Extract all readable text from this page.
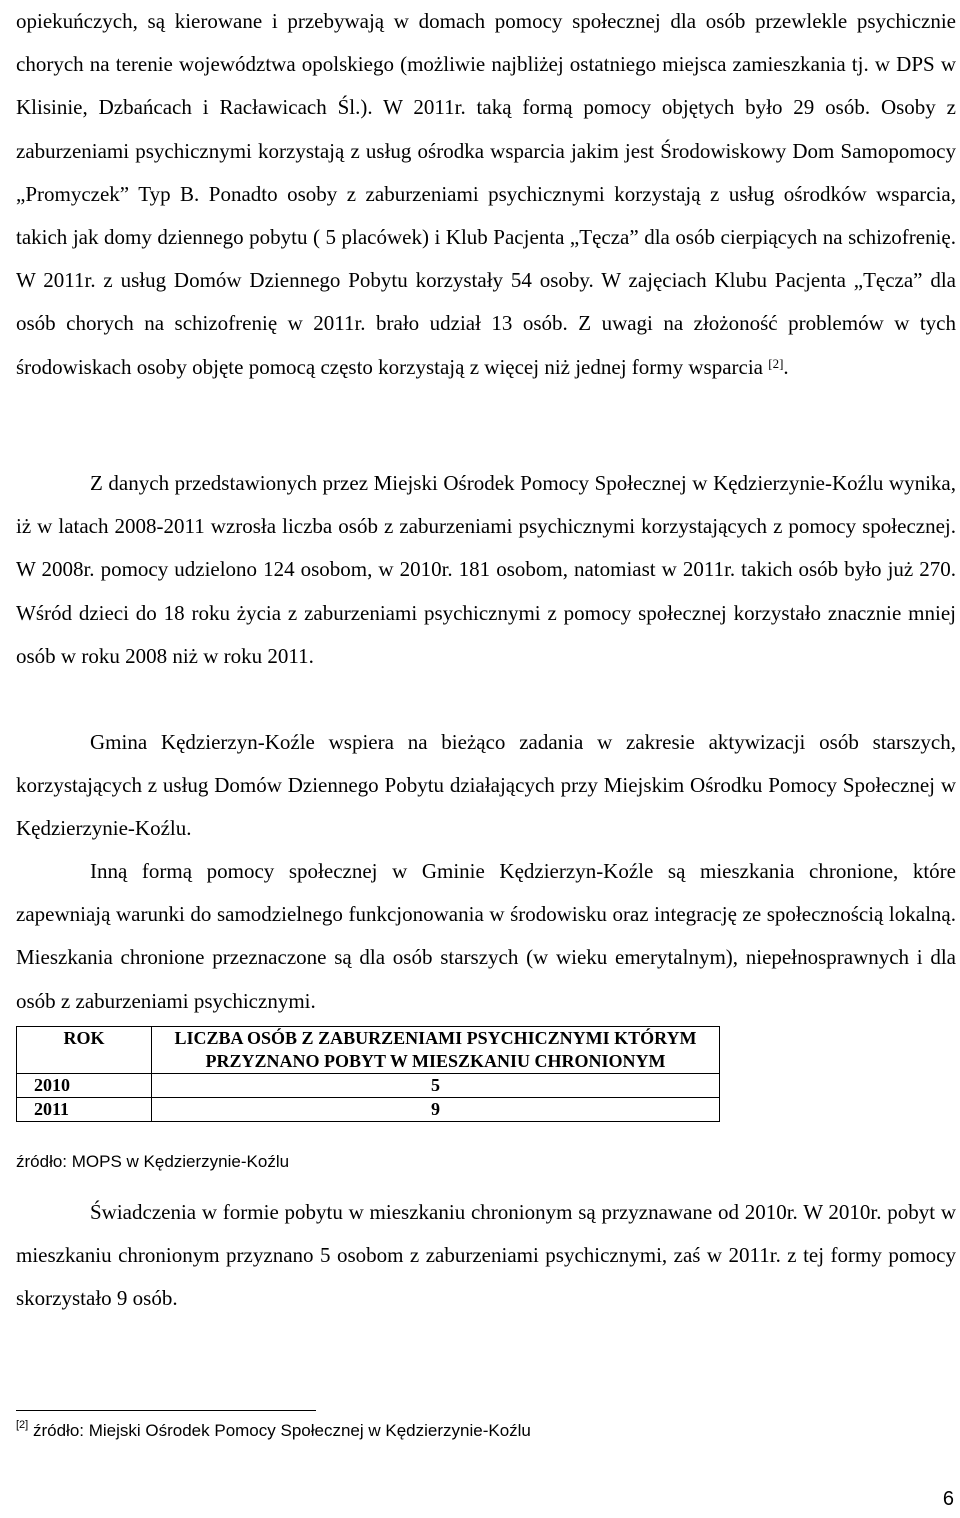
opiekuńczych, są kierowane i przebywają w domach pomocy społecznej dla osób przewlekle psychicznie chorych na terenie województwa opolskiego (możliwie najbliżej ostatniego miejsca zamieszkania tj. w DPS w Klisinie, Dzbańcach i Racławicach Śl.). W 2011r. taką formą pomocy objętych było 29 osób. Osoby z zaburzeniami psychicznymi korzystają z usług ośrodka wsparcia jakim jest Środowiskowy Dom Samopomocy „Promyczek” Typ B. Ponadto osoby z zaburzeniami psychicznymi korzystają z usług ośrodków wsparcia, takich jak domy dziennego pobytu ( 5 placówek) i Klub Pacjenta „Tęcza” dla osób cierpiących na schizofrenię. W 2011r. z usług Domów Dziennego Pobytu korzystały 54 osoby. W zajęciach Klubu Pacjenta „Tęcza” dla osób chorych na schizofrenię w 2011r. brało udział 13 osób. Z uwagi na złożoność problemów w tych środowiskach osoby objęte pomocą często korzystają z więcej niż jednej formy wsparcia [2].

Z danych przedstawionych przez Miejski Ośrodek Pomocy Społecznej w Kędzierzynie-Koźlu wynika, iż w latach 2008-2011 wzrosła liczba osób z zaburzeniami psychicznymi korzystających z pomocy społecznej. W 2008r. pomocy udzielono 124 osobom, w 2010r. 181 osobom, natomiast w 2011r. takich osób było już 270. Wśród dzieci do 18 roku życia z zaburzeniami psychicznymi z pomocy społecznej korzystało znacznie mniej osób w roku 2008 niż w roku 2011.

Gmina Kędzierzyn-Koźle wspiera na bieżąco zadania w zakresie aktywizacji osób starszych, korzystających z usług Domów Dziennego Pobytu działających przy Miejskim Ośrodku Pomocy Społecznej w Kędzierzynie-Koźlu.

Inną formą pomocy społecznej w Gminie Kędzierzyn-Koźle są mieszkania chronione, które zapewniają warunki do samodzielnego funkcjonowania w środowisku oraz integrację ze społecznością lokalną. Mieszkania chronione przeznaczone są dla osób starszych (w wieku emerytalnym), niepełnosprawnych i dla osób z zaburzeniami psychicznymi.

ROK	LICZBA OSÓB Z ZABURZENIAMI PSYCHICZNYMI KTÓRYM PRZYZNANO POBYT W MIESZKANIU CHRONIONYM
2010	5
2011	9
źródło: MOPS w Kędzierzynie-Koźlu

Świadczenia w formie pobytu w mieszkaniu chronionym są przyznawane od 2010r. W 2010r. pobyt w mieszkaniu chronionym przyznano 5 osobom z zaburzeniami psychicznymi, zaś w 2011r. z tej formy pomocy skorzystało 9 osób.

[2] źródło: Miejski Ośrodek Pomocy Społecznej w Kędzierzynie-Koźlu
6
